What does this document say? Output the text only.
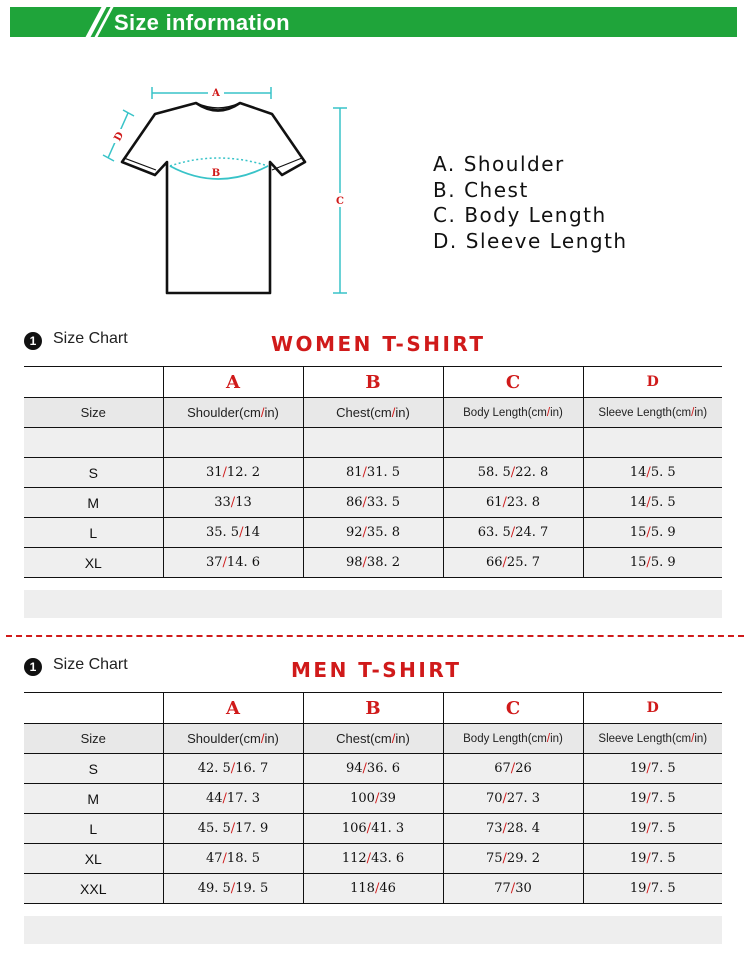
Size information
A
B
C
D
A. Shoulder
B. Chest
C. Body Length
D. Sleeve Length
1	Size Chart	WOMEN T-SHIRT
	A	B	C	D
Size	Shoulder(cm/in)	Chest(cm/in)	Body Length(cm/in)	Sleeve Length(cm/in)

S	31/12. 2	81/31. 5	58. 5/22. 8	14/5. 5
M	33/13	86/33. 5	61/23. 8	14/5. 5
L	35. 5/14	92/35. 8	63. 5/24. 7	15/5. 9
XL	37/14. 6	98/38. 2	66/25. 7	15/5. 9
1	Size Chart	MEN T-SHIRT
	A	B	C	D
Size	Shoulder(cm/in)	Chest(cm/in)	Body Length(cm/in)	Sleeve Length(cm/in)
S	42. 5/16. 7	94/36. 6	67/26	19/7. 5
M	44/17. 3	100/39	70/27. 3	19/7. 5
L	45. 5/17. 9	106/41. 3	73/28. 4	19/7. 5
XL	47/18. 5	112/43. 6	75/29. 2	19/7. 5
XXL	49. 5/19. 5	118/46	77/30	19/7. 5
